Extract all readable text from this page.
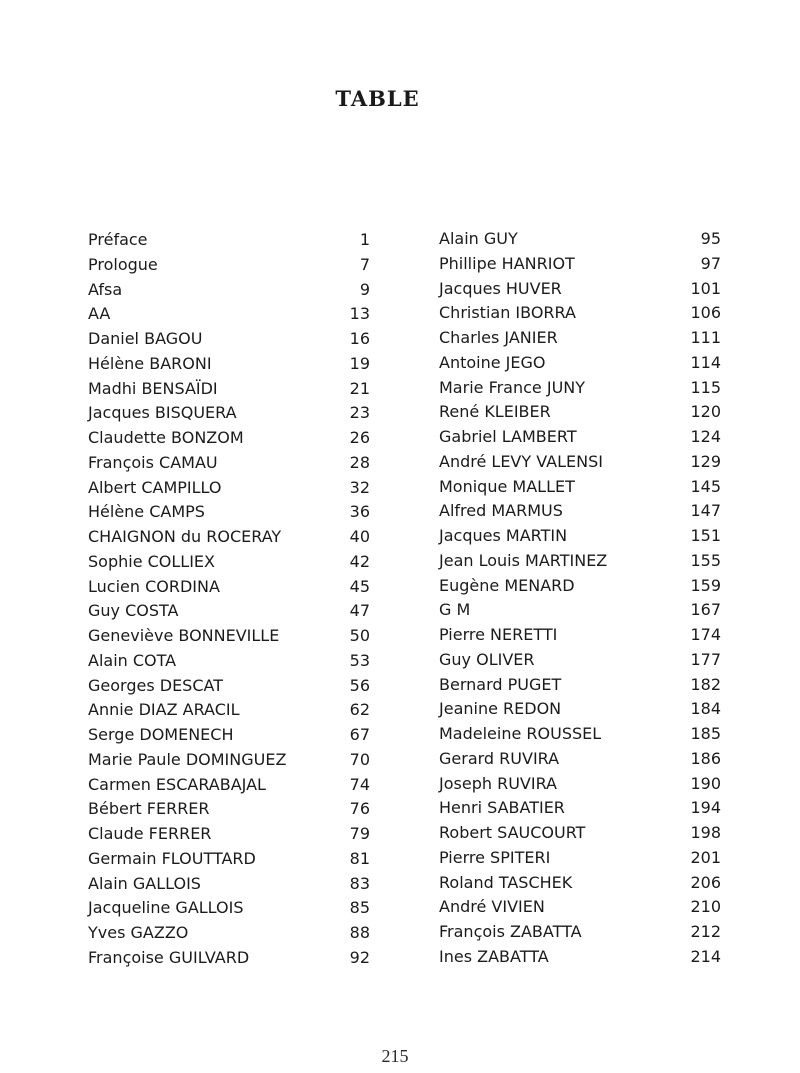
TABLE
Préface	1
Prologue	7
Afsa	9
AA	13
Daniel BAGOU	16
Hélène BARONI	19
Madhi BENSAÏDI	21
Jacques BISQUERA	23
Claudette BONZOM	26
François CAMAU	28
Albert CAMPILLO	32
Hélène CAMPS	36
CHAIGNON du ROCERAY	40
Sophie COLLIEX	42
Lucien CORDINA	45
Guy COSTA	47
Geneviève BONNEVILLE	50
Alain COTA	53
Georges DESCAT	56
Annie DIAZ ARACIL	62
Serge DOMENECH	67
Marie Paule DOMINGUEZ	70
Carmen ESCARABAJAL	74
Bébert FERRER	76
Claude FERRER	79
Germain FLOUTTARD	81
Alain GALLOIS	83
Jacqueline GALLOIS	85
Yves GAZZO	88
Françoise GUILVARD	92
Alain GUY	95
Phillipe HANRIOT	97
Jacques HUVER	101
Christian IBORRA	106
Charles JANIER	111
Antoine JEGO	114
Marie France JUNY	115
René KLEIBER	120
Gabriel LAMBERT	124
André LEVY VALENSI	129
Monique MALLET	145
Alfred MARMUS	147
Jacques MARTIN	151
Jean Louis MARTINEZ	155
Eugène MENARD	159
G M	167
Pierre NERETTI	174
Guy OLIVER	177
Bernard PUGET	182
Jeanine REDON	184
Madeleine ROUSSEL	185
Gerard RUVIRA	186
Joseph RUVIRA	190
Henri SABATIER	194
Robert SAUCOURT	198
Pierre SPITERI	201
Roland TASCHEK	206
André VIVIEN	210
François ZABATTA	212
Ines ZABATTA	214
215
